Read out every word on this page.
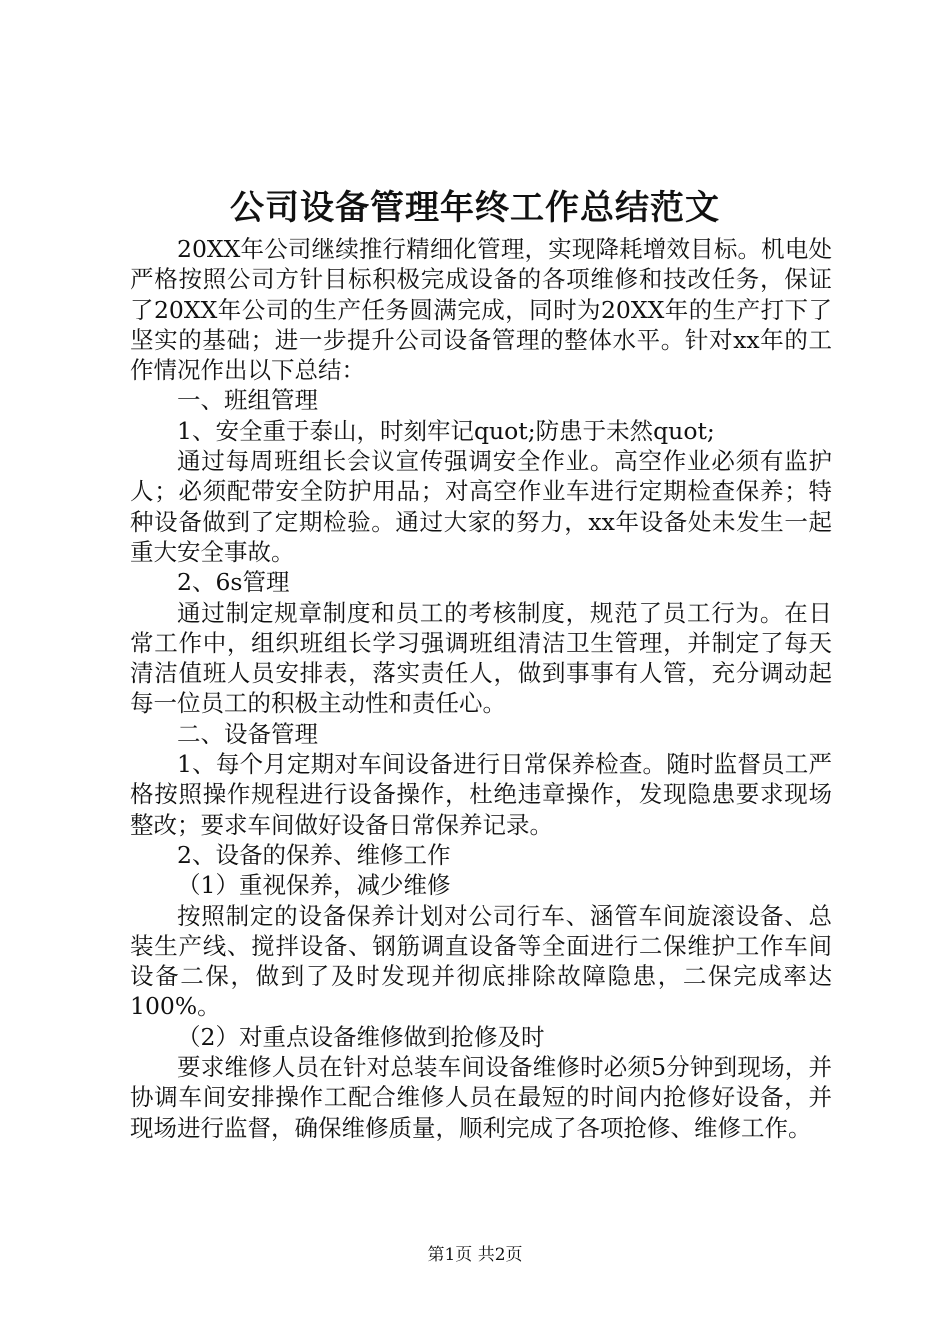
公司设备管理年终工作总结范文

20XX年公司继续推行精细化管理，实现降耗增效目标。机电处严格按照公司方针目标积极完成设备的各项维修和技改任务，保证了20XX年公司的生产任务圆满完成，同时为20XX年的生产打下了坚实的基础；进一步提升公司设备管理的整体水平。针对xx年的工作情况作出以下总结：

一、班组管理

1、安全重于泰山，时刻牢记quot;防患于未然quot;

通过每周班组长会议宣传强调安全作业。高空作业必须有监护人；必须配带安全防护用品；对高空作业车进行定期检查保养；特种设备做到了定期检验。通过大家的努力，xx年设备处未发生一起重大安全事故。

2、6s管理

通过制定规章制度和员工的考核制度，规范了员工行为。在日常工作中，组织班组长学习强调班组清洁卫生管理，并制定了每天清洁值班人员安排表，落实责任人，做到事事有人管，充分调动起每一位员工的积极主动性和责任心。

二、设备管理

1、每个月定期对车间设备进行日常保养检查。随时监督员工严格按照操作规程进行设备操作，杜绝违章操作，发现隐患要求现场整改；要求车间做好设备日常保养记录。

2、设备的保养、维修工作

（1）重视保养，减少维修

按照制定的设备保养计划对公司行车、涵管车间旋滚设备、总装生产线、搅拌设备、钢筋调直设备等全面进行二保维护工作车间设备二保，做到了及时发现并彻底排除故障隐患，二保完成率达100%。

（2）对重点设备维修做到抢修及时

要求维修人员在针对总装车间设备维修时必须5分钟到现场，并协调车间安排操作工配合维修人员在最短的时间内抢修好设备，并现场进行监督，确保维修质量，顺利完成了各项抢修、维修工作。

第1页 共2页
